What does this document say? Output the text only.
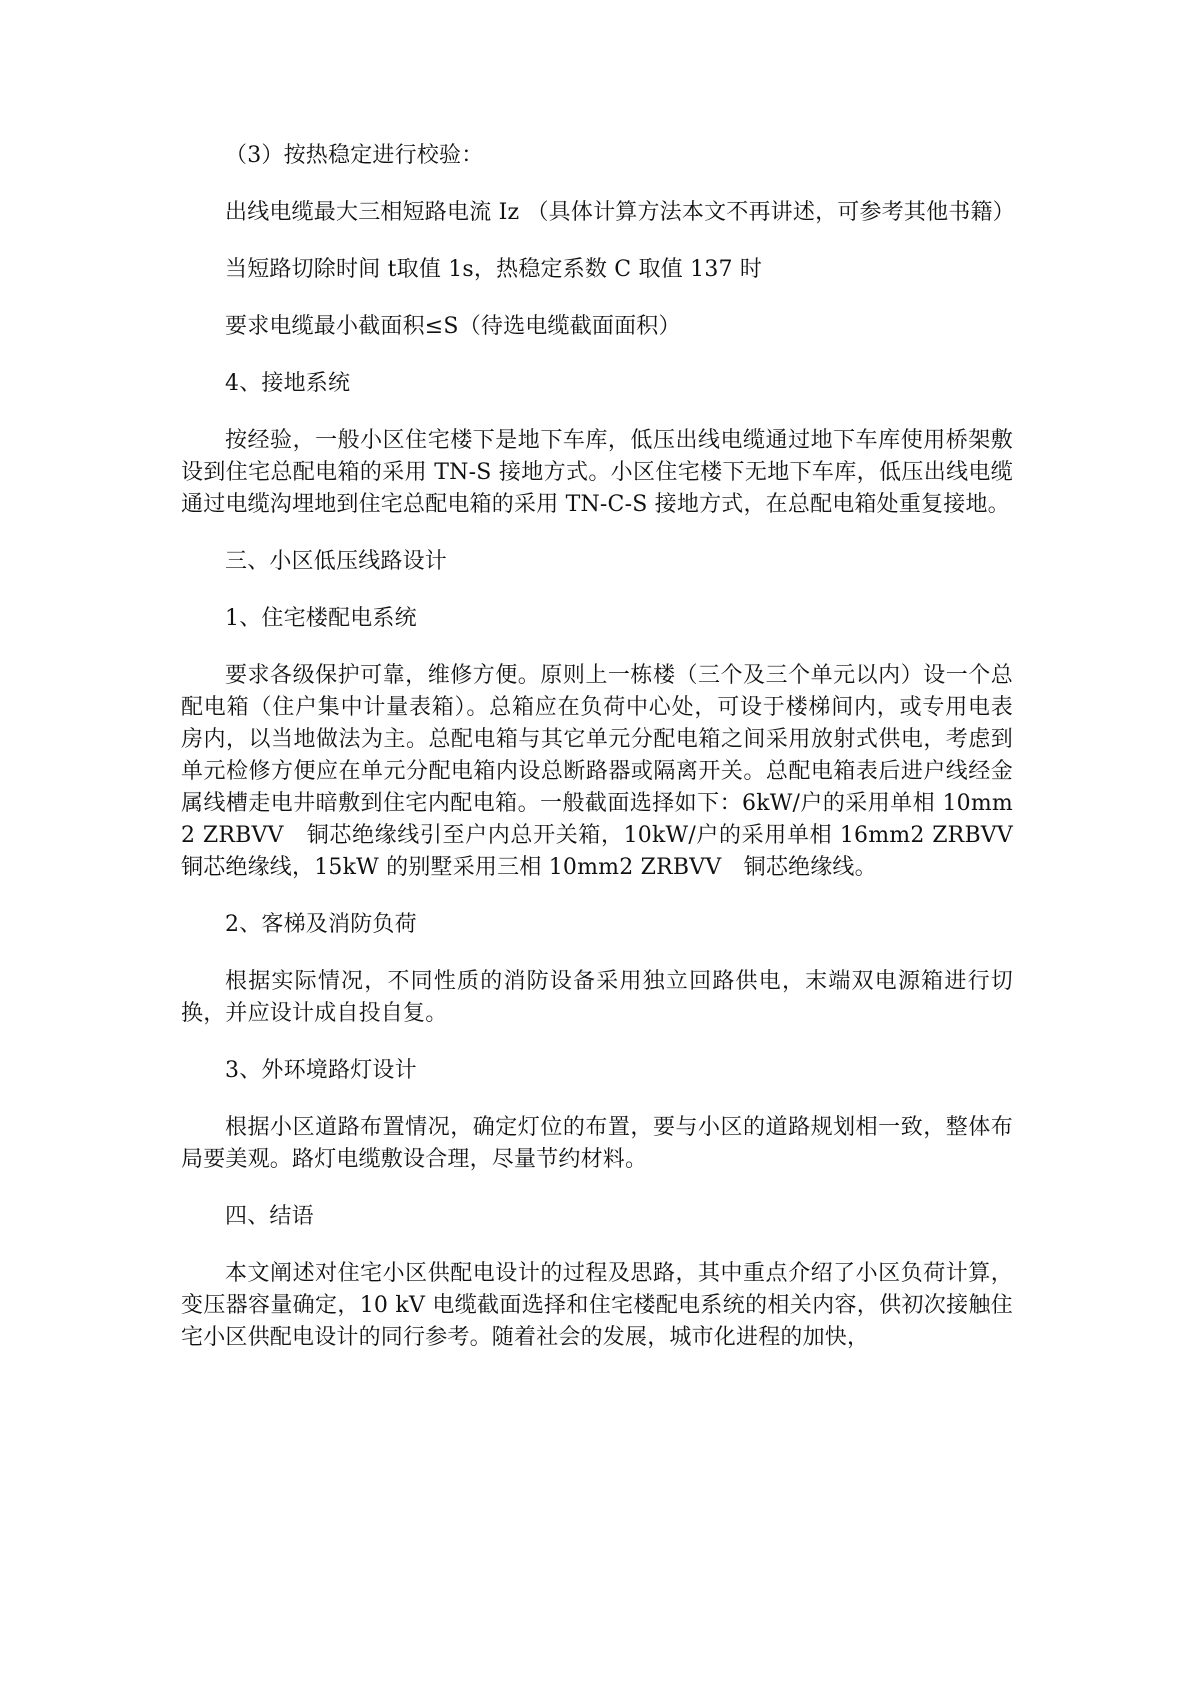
（3）按热稳定进行校验：

出线电缆最大三相短路电流 Iz （具体计算方法本文不再讲述，可参考其他书籍）

当短路切除时间 t取值 1s，热稳定系数 C 取值 137 时

要求电缆最小截面积≤S（待选电缆截面面积）

4、接地系统

按经验，一般小区住宅楼下是地下车库，低压出线电缆通过地下车库使用桥架敷设到住宅总配电箱的采用 TN-S 接地方式。小区住宅楼下无地下车库，低压出线电缆通过电缆沟埋地到住宅总配电箱的采用 TN-C-S 接地方式，在总配电箱处重复接地。

三、小区低压线路设计

1、住宅楼配电系统

要求各级保护可靠，维修方便。原则上一栋楼（三个及三个单元以内）设一个总配电箱（住户集中计量表箱）。总箱应在负荷中心处，可设于楼梯间内，或专用电表房内，以当地做法为主。总配电箱与其它单元分配电箱之间采用放射式供电，考虑到单元检修方便应在单元分配电箱内设总断路器或隔离开关。总配电箱表后进户线经金属线槽走电井暗敷到住宅内配电箱。一般截面选择如下：6kW/户的采用单相 10mm2 ZRBVV　铜芯绝缘线引至户内总开关箱，10kW/户的采用单相 16mm2 ZRBVV　铜芯绝缘线，15kW 的别墅采用三相 10mm2 ZRBVV　铜芯绝缘线。

2、客梯及消防负荷

根据实际情况，不同性质的消防设备采用独立回路供电，末端双电源箱进行切换，并应设计成自投自复。

3、外环境路灯设计

根据小区道路布置情况，确定灯位的布置，要与小区的道路规划相一致，整体布局要美观。路灯电缆敷设合理，尽量节约材料。

四、结语

本文阐述对住宅小区供配电设计的过程及思路，其中重点介绍了小区负荷计算，变压器容量确定，10 kV 电缆截面选择和住宅楼配电系统的相关内容，供初次接触住宅小区供配电设计的同行参考。随着社会的发展，城市化进程的加快，
